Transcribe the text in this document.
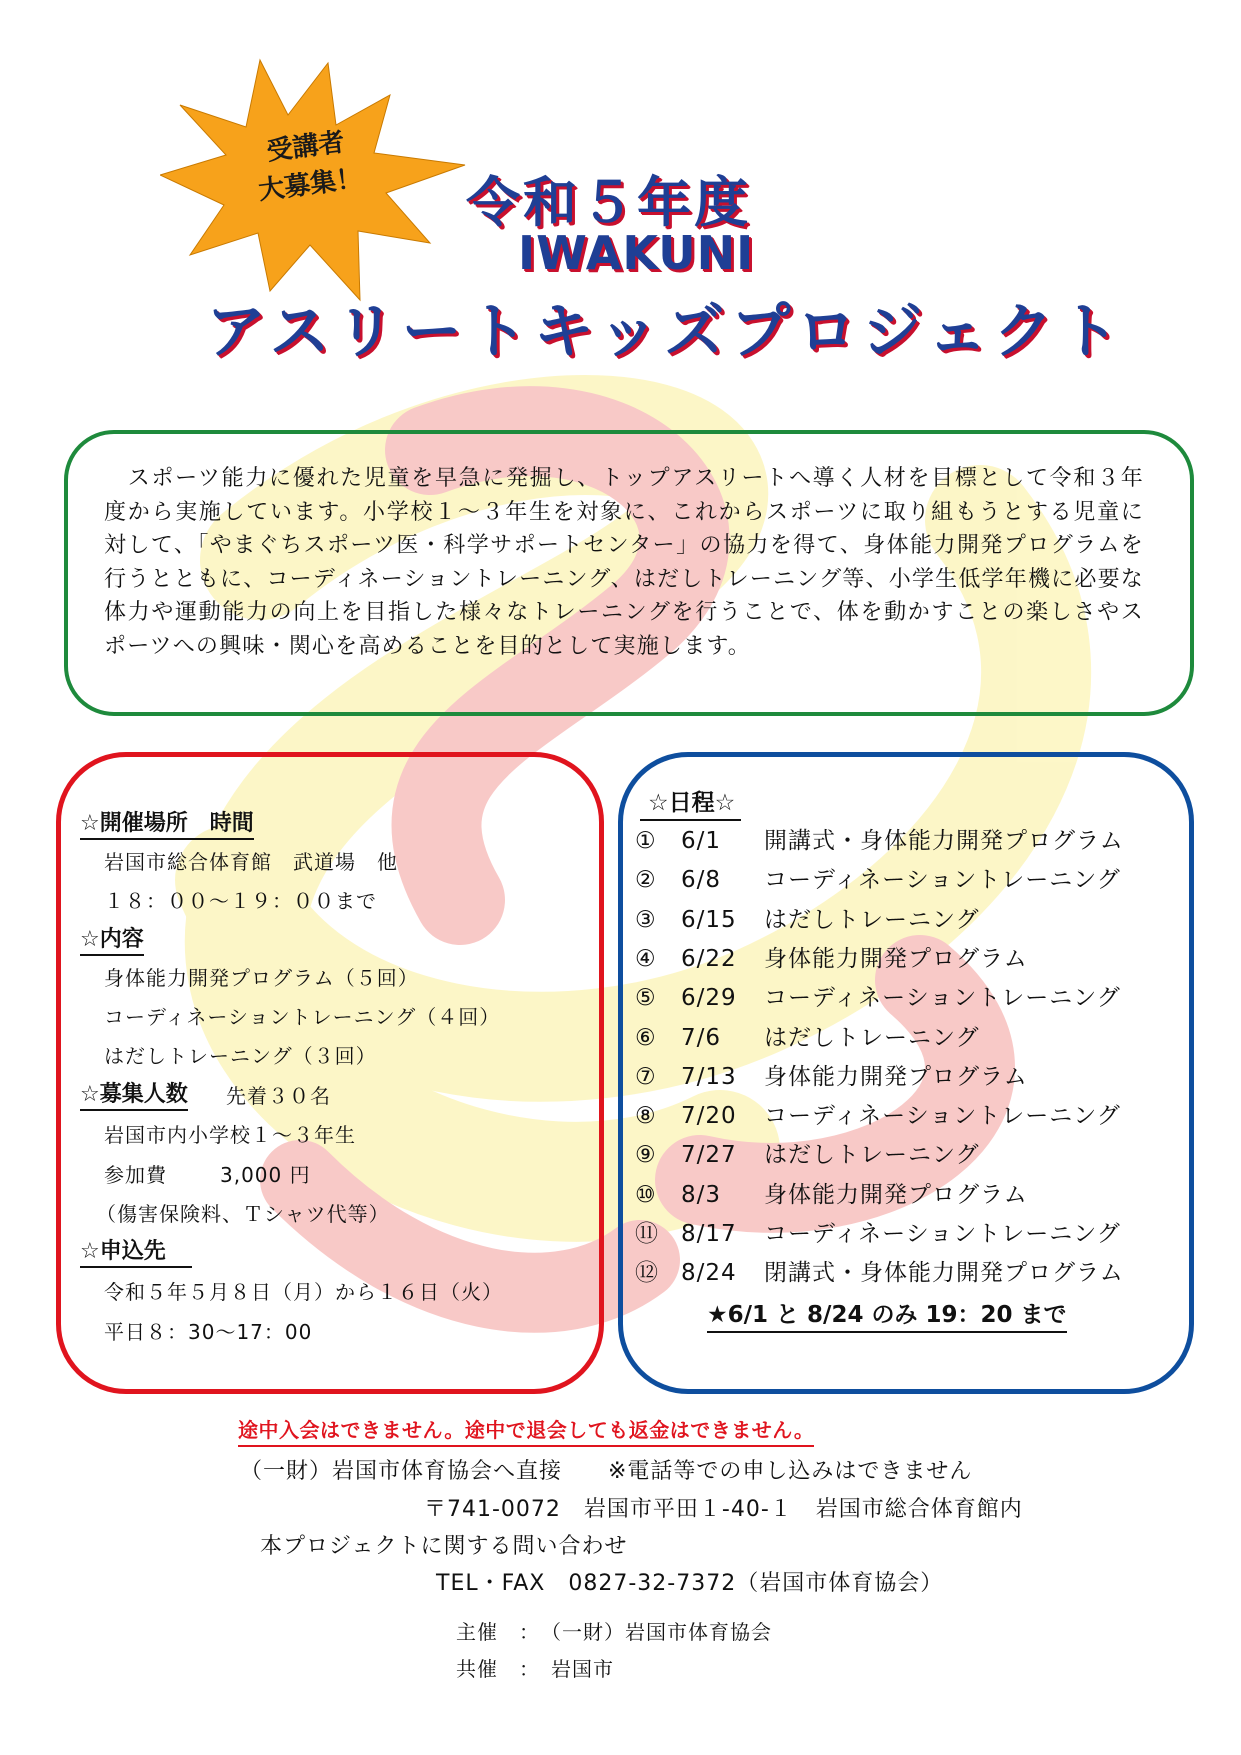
受講者
大募集！	令和５年度
IWAKUNI
アスリートキッズプロジェクト
　スポーツ能力に優れた児童を早急に発掘し、トップアスリートへ導く人材を目標として令和３年度から実施しています。小学校１～３年生を対象に、これからスポーツに取り組もうとする児童に対して、「やまぐちスポーツ医・科学サポートセンター」の協力を得て、身体能力開発プログラムを行うとともに、コーディネーショントレーニング、はだしトレーニング等、小学生低学年機に必要な体力や運動能力の向上を目指した様々なトレーニングを行うことで、体を動かすことの楽しさやスポーツへの興味・関心を高めることを目的として実施します。
☆開催場所　時間
岩国市総合体育館　武道場　他
１８：００～１９：００まで
☆内容
身体能力開発プログラム（５回）
コーディネーショントレーニング（４回）
はだしトレーニング（３回）
☆募集人数 先着３０名
岩国市内小学校１～３年生
参加費	3,000 円
（傷害保険料、Ｔシャツ代等）
☆申込先
令和５年５月８日（月）から１６日（火）
平日８：30～17：00
☆日程☆
① 6/1 開講式・身体能力開発プログラム
② 6/8 コーディネーショントレーニング
③ 6/15 はだしトレーニング
④ 6/22 身体能力開発プログラム
⑤ 6/29 コーディネーショントレーニング
⑥ 7/6 はだしトレーニング
⑦ 7/13 身体能力開発プログラム
⑧ 7/20 コーディネーショントレーニング
⑨ 7/27 はだしトレーニング
⑩ 8/3 身体能力開発プログラム
⑪ 8/17 コーディネーショントレーニング
⑫ 8/24 閉講式・身体能力開発プログラム
★6/1 と 8/24 のみ 19：20 まで
途中入会はできません。途中で退会しても返金はできません。
（一財）岩国市体育協会へ直接　　※電話等での申し込みはできません
〒741-0072　岩国市平田１-40-１　岩国市総合体育館内
本プロジェクトに関する問い合わせ
TEL・FAX　0827-32-7372（岩国市体育協会）
主催　：　（一財）岩国市体育協会
共催　：　岩国市
